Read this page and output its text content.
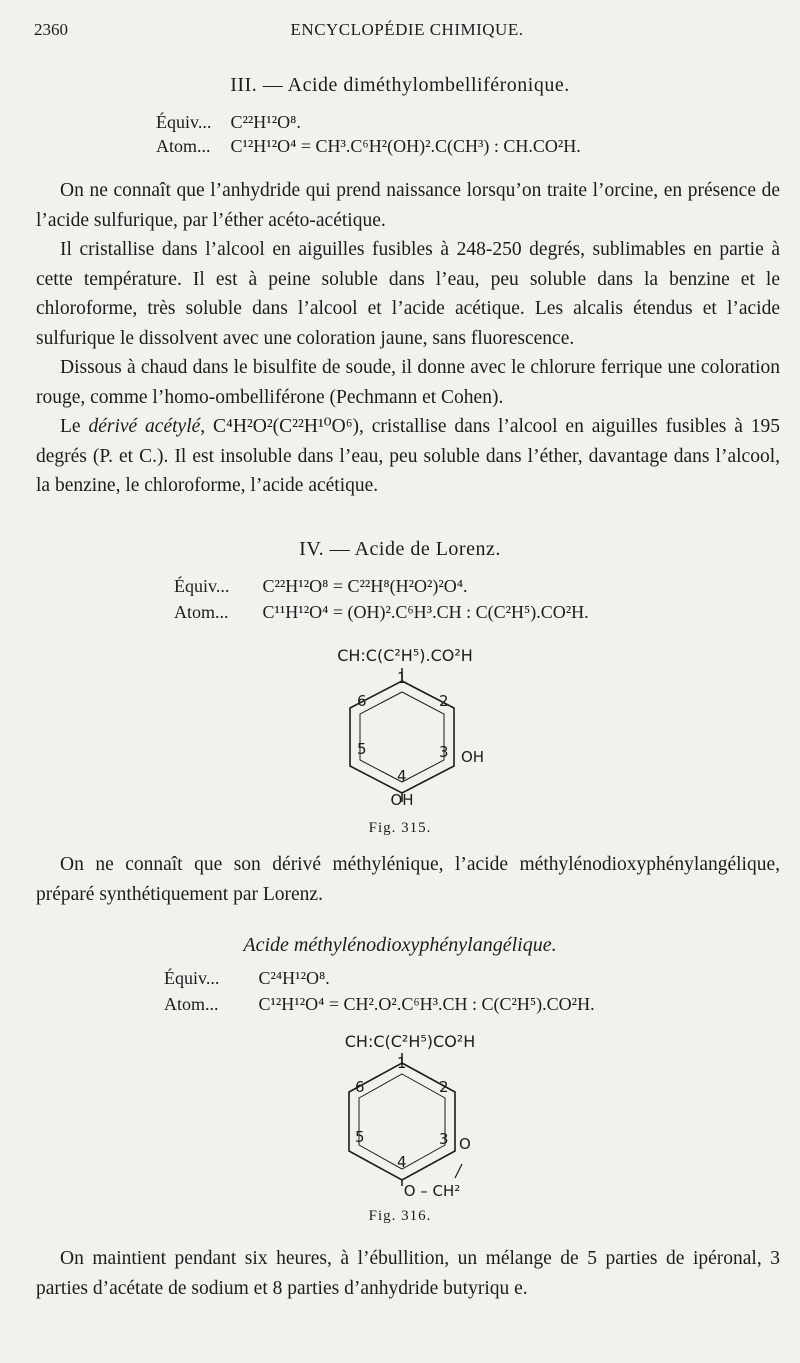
2360	ENCYCLOPÉDIE CHIMIQUE.
III. — Acide diméthylombelliféronique.
Équiv... C²²H¹²O⁸.
Atom... C¹²H¹²O⁴ = CH³.C⁶H²(OH)².C(CH³) : CH.CO²H.

On ne connaît que l’anhydride qui prend naissance lorsqu’on traite l’orcine, en présence de l’acide sulfurique, par l’éther acéto-acétique.

Il cristallise dans l’alcool en aiguilles fusibles à 248-250 degrés, sublimables en partie à cette température. Il est à peine soluble dans l’eau, peu soluble dans la benzine et le chloroforme, très soluble dans l’alcool et l’acide acétique. Les alcalis étendus et l’acide sulfurique le dissolvent avec une coloration jaune, sans fluorescence.

Dissous à chaud dans le bisulfite de soude, il donne avec le chlorure ferrique une coloration rouge, comme l’homo-ombelliférone (Pechmann et Cohen).

Le dérivé acétylé, C⁴H²O²(C²²H¹⁰O⁶), cristallise dans l’alcool en aiguilles fusibles à 195 degrés (P. et C.). Il est insoluble dans l’eau, peu soluble dans l’éther, davantage dans l’alcool, la benzine, le chloroforme, l’acide acétique.

IV. — Acide de Lorenz.
Équiv... C²²H¹²O⁸ = C²²H⁸(H²O²)²O⁴.
Atom... C¹¹H¹²O⁴ = (OH)².C⁶H³.CH : C(C²H⁵).CO²H.
CH:C(C²H⁵).CO²H
1
2
3
4
5
6
OH
OH
Fig. 315.

On ne connaît que son dérivé méthylénique, l’acide méthylénodioxyphénylangélique, préparé synthétiquement par Lorenz.

Acide méthylénodioxyphénylangélique.
Équiv... C²⁴H¹²O⁸.
Atom... C¹²H¹²O⁴ = CH².O².C⁶H³.CH : C(C²H⁵).CO²H.
CH:C(C²H⁵)CO²H
1
2
3
4
5
6
O
O – CH²
Fig. 316.

On maintient pendant six heures, à l’ébullition, un mélange de 5 parties de ipéronal, 3 parties d’acétate de sodium et 8 parties d’anhydride butyriqu e.
